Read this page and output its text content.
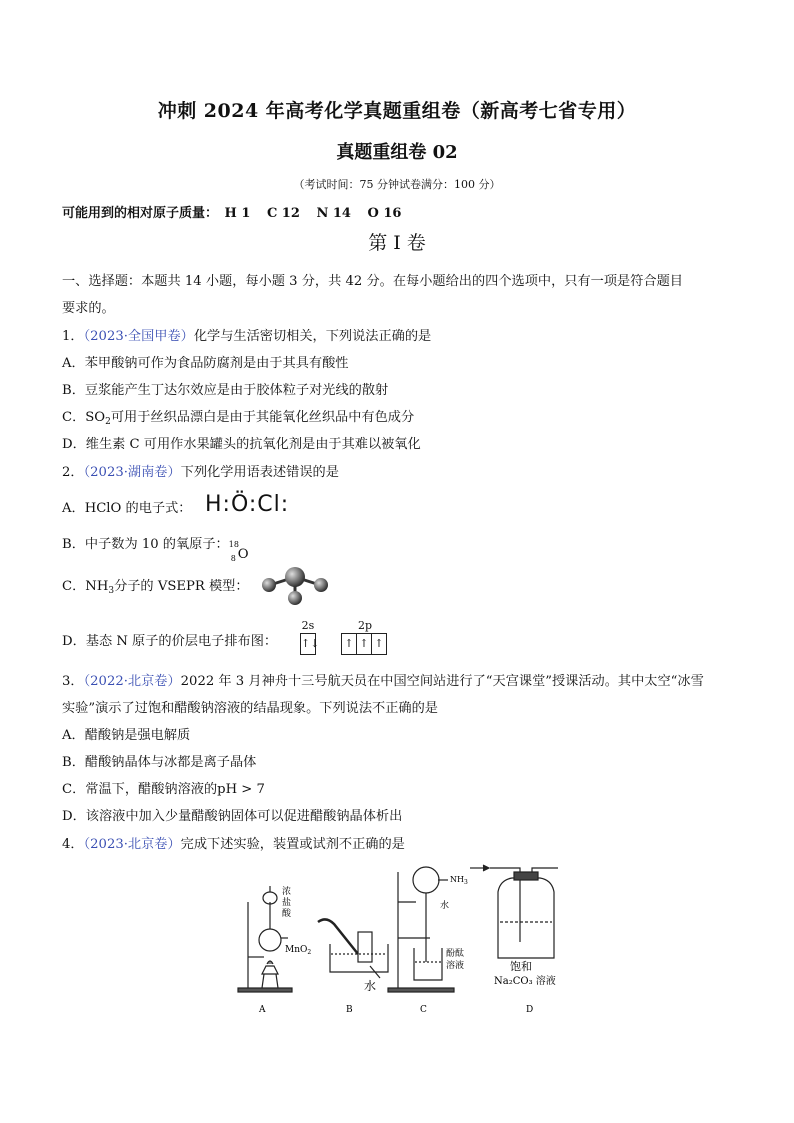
冲刺 2024 年高考化学真题重组卷（新高考七省专用）
真题重组卷 02
（考试时间：75 分钟试卷满分：100 分）
可能用到的相对原子质量： H 1 C 12 N 14 O 16
第 I 卷
一、选择题：本题共 14 小题，每小题 3 分，共 42 分。在每小题给出的四个选项中，只有一项是符合题目
要求的。
1．（2023·全国甲卷）化学与生活密切相关，下列说法正确的是
A．苯甲酸钠可作为食品防腐剂是由于其具有酸性
B．豆浆能产生丁达尔效应是由于胶体粒子对光线的散射
C．$SO_2$可用于丝织品漂白是由于其能氧化丝织品中有色成分
D．维生素 C 可用作水果罐头的抗氧化剂是由于其难以被氧化
2．（2023·湖南卷）下列化学用语表述错误的是
A．HClO 的电子式： H:Ö:Cl:
B．中子数为 10 的氧原子： 18
8 O
C．$NH_3$分子的 VSEPR 模型：
D．基态 N 原子的价层电子排布图：
2s
↑↓
2p
↑ ↑ ↑
3．（2022·北京卷）2022 年 3 月神舟十三号航天员在中国空间站进行了“天宫课堂”授课活动。其中太空“冰雪
实验”演示了过饱和醋酸钠溶液的结晶现象。下列说法不正确的是
A．醋酸钠是强电解质
B．醋酸钠晶体与冰都是离子晶体
C．常温下，醋酸钠溶液的pH > 7
D．该溶液中加入少量醋酸钠固体可以促进醋酸钠晶体析出
4．（2023·北京卷）完成下述实验，装置或试剂不正确的是
浓
盐
酸
MnO$_2$
水
$NH_3$
水
酚酞
溶液	饱和
Na₂CO₃ 溶液
A	B	C	D
